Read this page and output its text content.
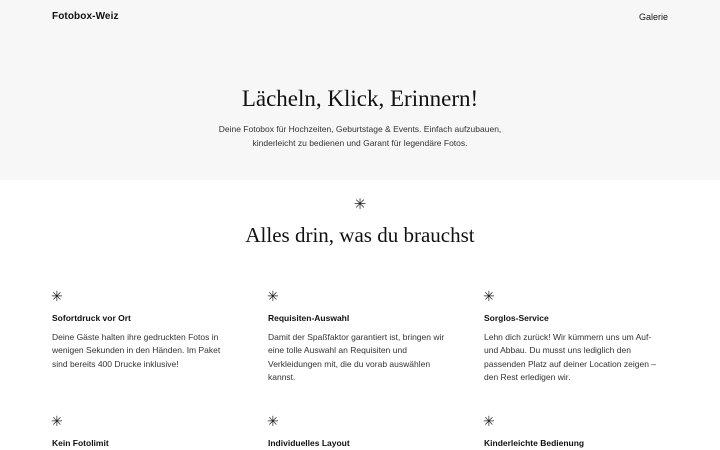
Fotobox-Weiz	Galerie
Lächeln, Klick, Erinnern!

Deine Fotobox für Hochzeiten, Geburtstage & Events. Einfach aufzubauen, kinderleicht zu bedienen und Garant für legendäre Fotos.

✳
Alles drin, was du brauchst
✳
Sofortdruck vor Ort

Deine Gäste halten ihre gedruckten Fotos in wenigen Sekunden in den Händen. Im Paket sind bereits 400 Drucke inklusive!

✳
Requisiten-Auswahl

Damit der Spaßfaktor garantiert ist, bringen wir eine tolle Auswahl an Requisiten und Verkleidungen mit, die du vorab auswählen kannst.

✳
Sorglos-Service

Lehn dich zurück! Wir kümmern uns um Auf- und Abbau. Du musst uns lediglich den passenden Platz auf deiner Location zeigen – den Rest erledigen wir.

✳
Kein Fotolimit
✳
Individuelles Layout
✳
Kinderleichte Bedienung
